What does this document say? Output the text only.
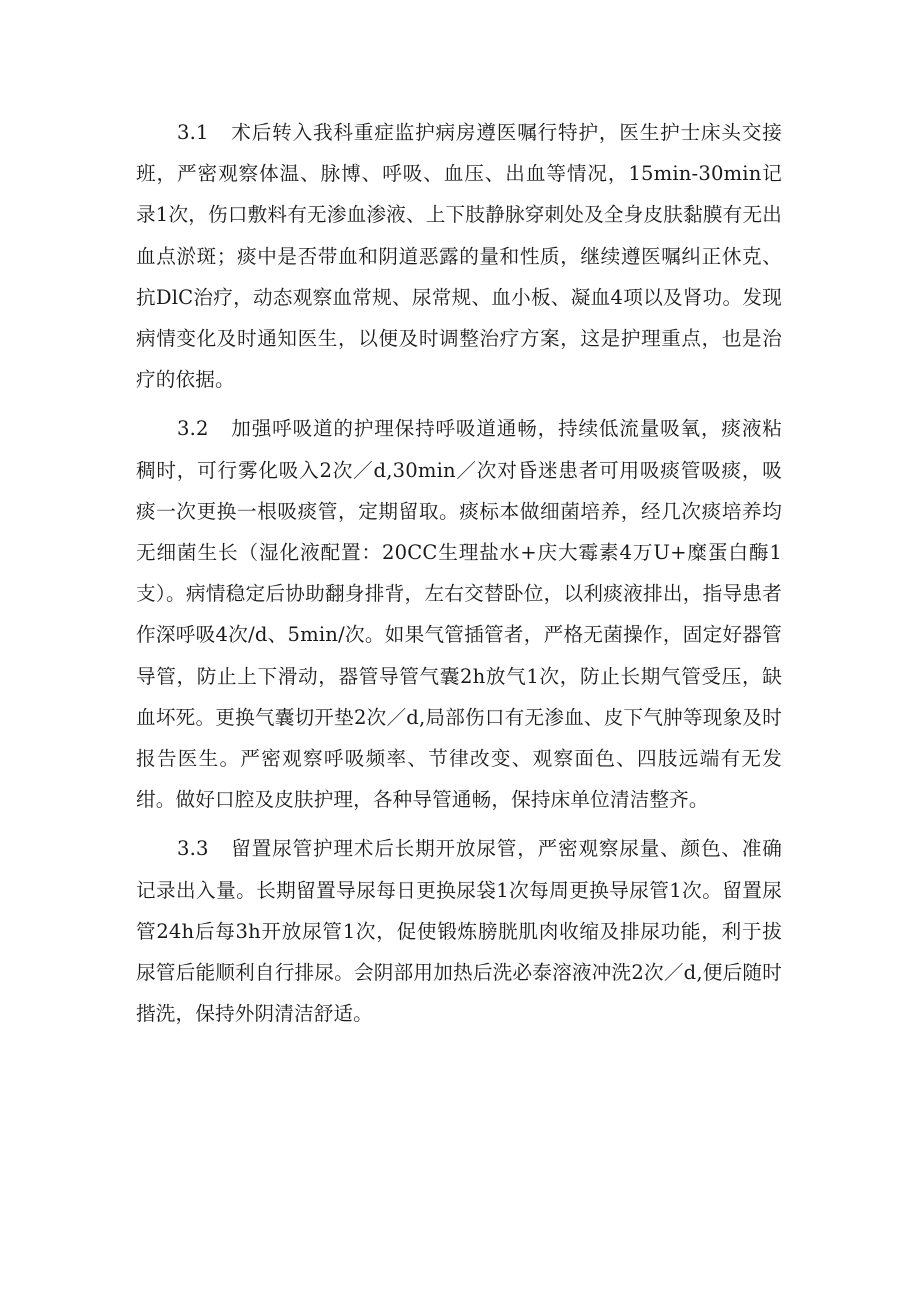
3.1 术后转入我科重症监护病房遵医嘱行特护，医生护士床头交接班，严密观察体温、脉博、呼吸、血压、出血等情况，15min-30min记录1次，伤口敷料有无渗血渗液、上下肢静脉穿刺处及全身皮肤黏膜有无出血点淤斑；痰中是否带血和阴道恶露的量和性质，继续遵医嘱纠正休克、抗DlC治疗，动态观察血常规、尿常规、血小板、凝血4项以及肾功。发现病情变化及时通知医生，以便及时调整治疗方案，这是护理重点，也是治疗的依据。

3.2 加强呼吸道的护理保持呼吸道通畅，持续低流量吸氧，痰液粘稠时，可行雾化吸入2次／d,30min／次对昏迷患者可用吸痰管吸痰，吸痰一次更换一根吸痰管，定期留取。痰标本做细菌培养，经几次痰培养均无细菌生长（湿化液配置：20CC生理盐水+庆大霉素4万U+糜蛋白酶1支）。病情稳定后协助翻身排背，左右交替卧位，以利痰液排出，指导患者作深呼吸4次/d、5min/次。如果气管插管者，严格无菌操作，固定好器管导管，防止上下滑动，器管导管气囊2h放气1次，防止长期气管受压，缺血坏死。更换气囊切开垫2次／d,局部伤口有无渗血、皮下气肿等现象及时报告医生。严密观察呼吸频率、节律改变、观察面色、四肢远端有无发绀。做好口腔及皮肤护理，各种导管通畅，保持床单位清洁整齐。

3.3 留置尿管护理术后长期开放尿管，严密观察尿量、颜色、准确记录出入量。长期留置导尿每日更换尿袋1次每周更换导尿管1次。留置尿管24h后每3h开放尿管1次，促使锻炼膀胱肌肉收缩及排尿功能，利于拔尿管后能顺利自行排尿。会阴部用加热后洗必泰溶液冲洗2次／d,便后随时揩洗，保持外阴清洁舒适。
